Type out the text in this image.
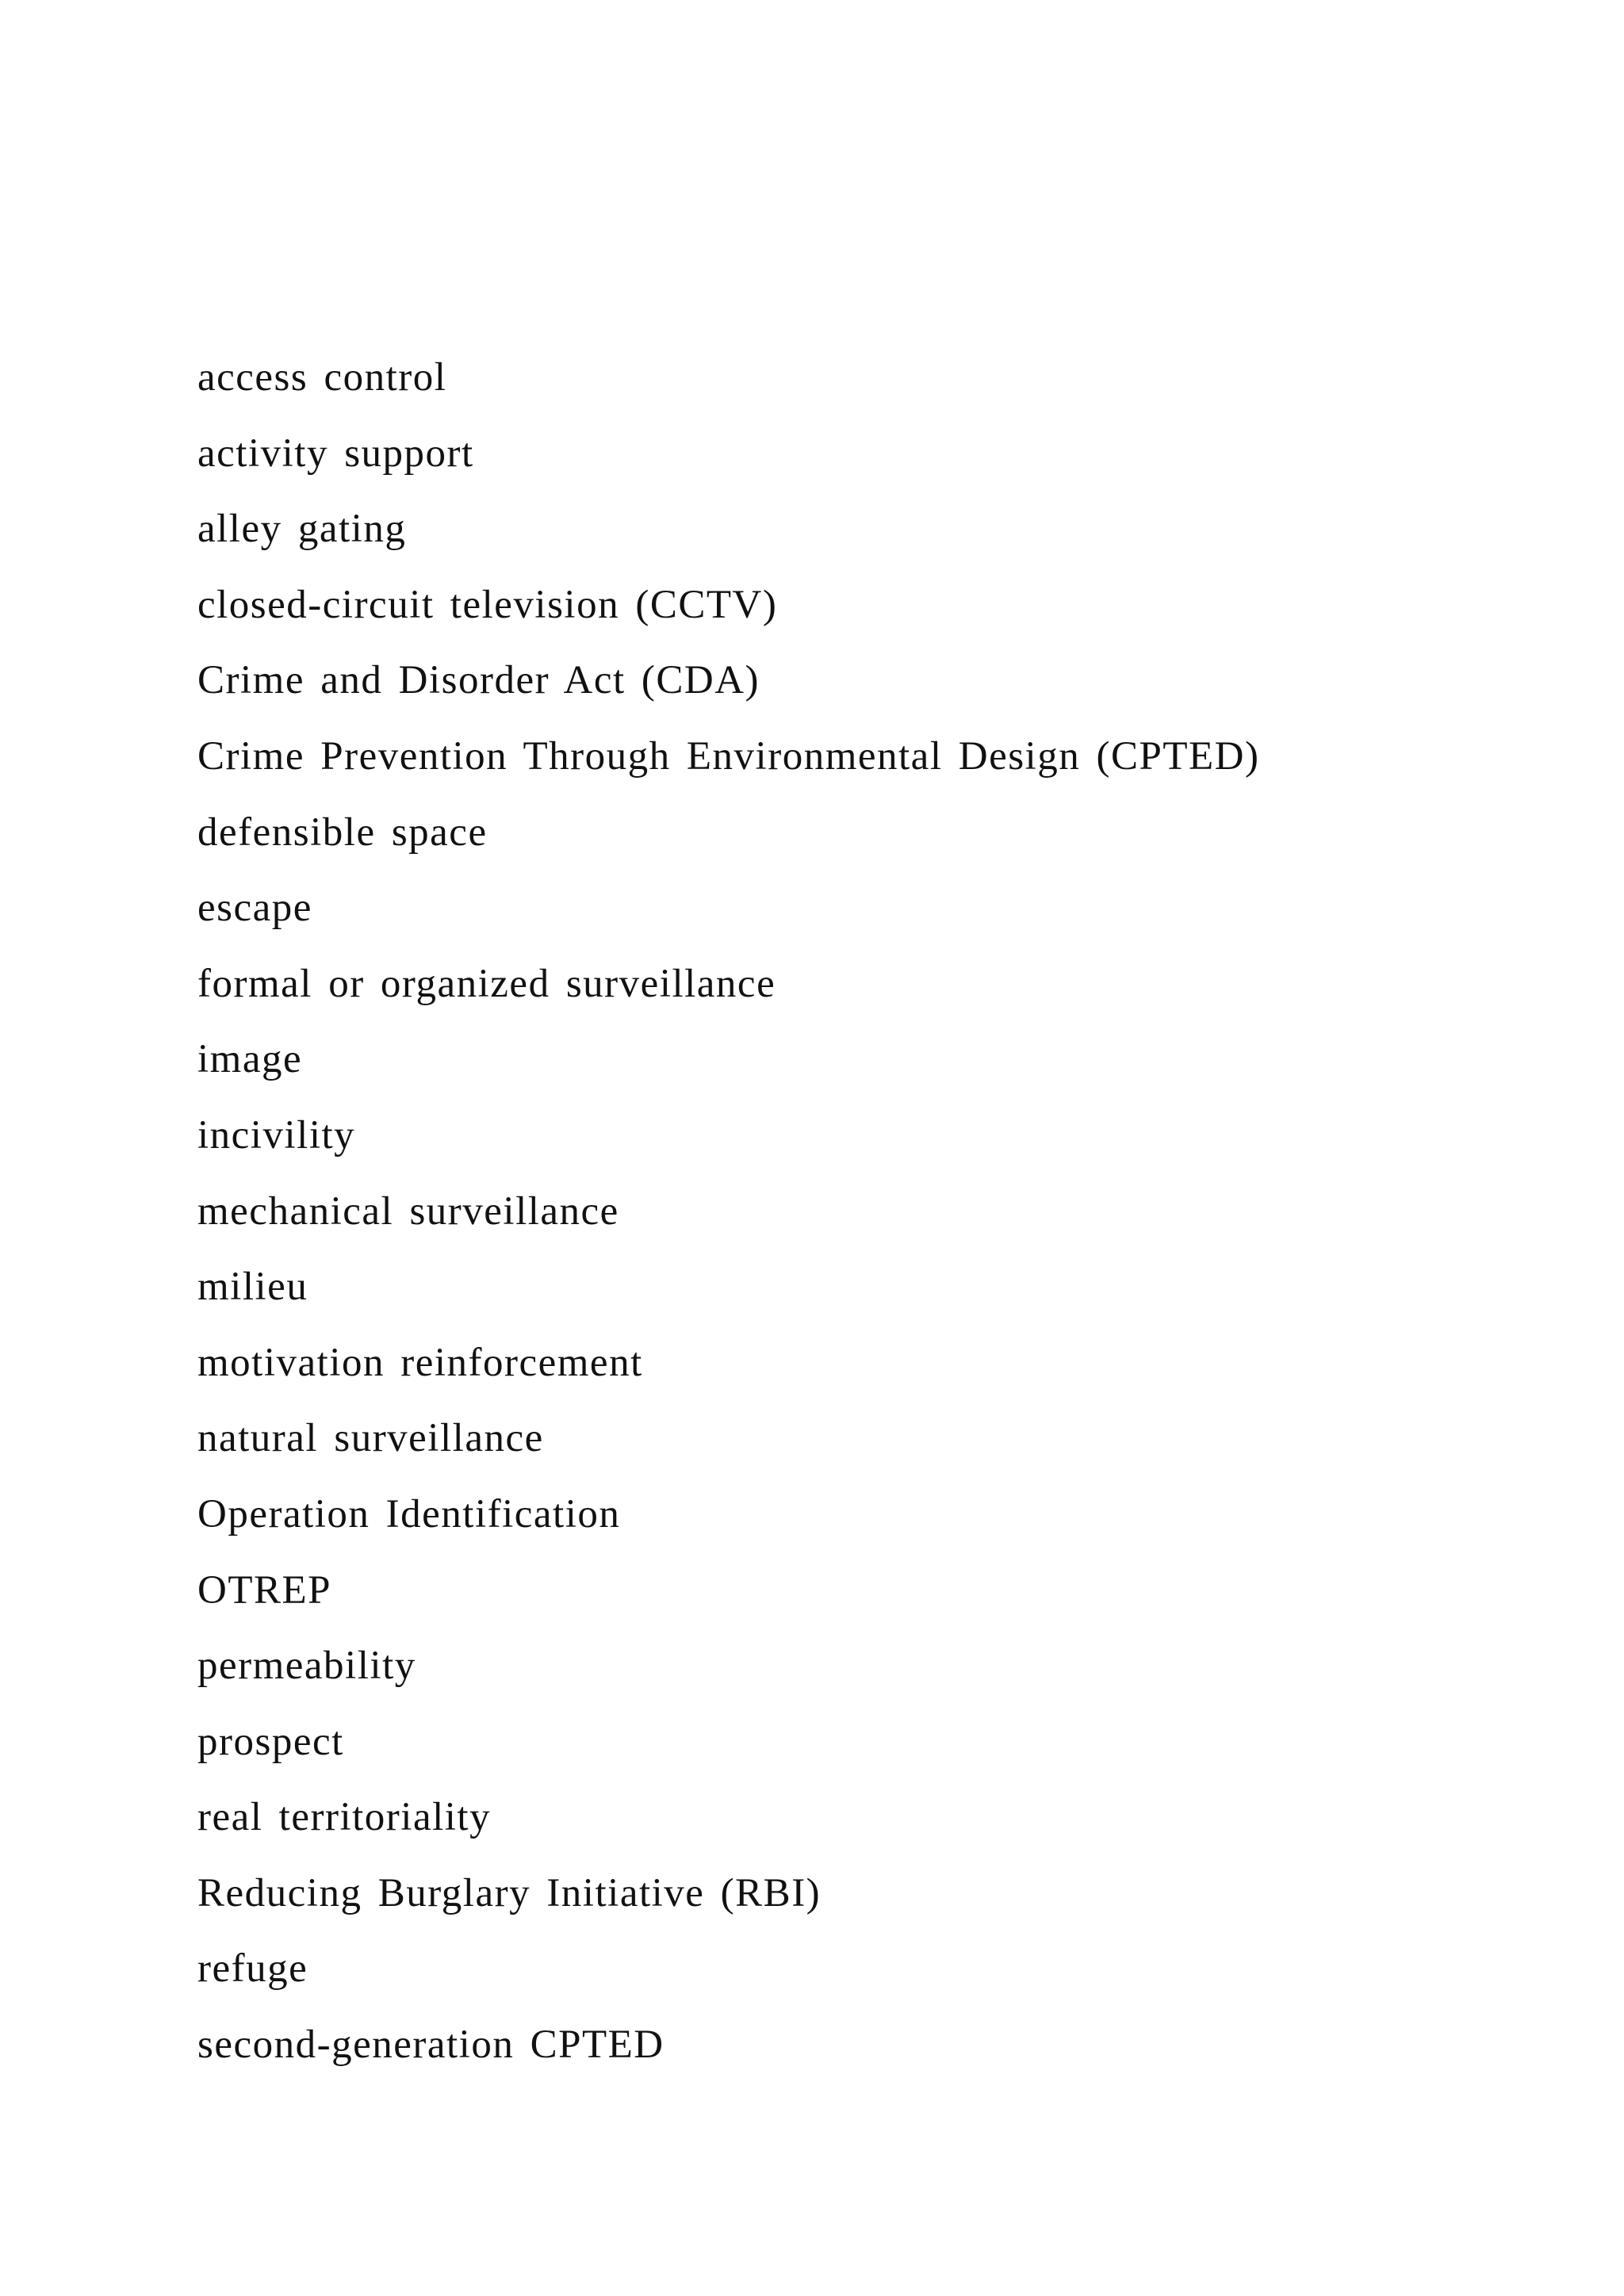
access control
activity support
alley gating
closed-circuit television (CCTV)
Crime and Disorder Act (CDA)
Crime Prevention Through Environmental Design (CPTED)
defensible space
escape
formal or organized surveillance
image
incivility
mechanical surveillance
milieu
motivation reinforcement
natural surveillance
Operation Identification
OTREP
permeability
prospect
real territoriality
Reducing Burglary Initiative (RBI)
refuge
second-generation CPTED
